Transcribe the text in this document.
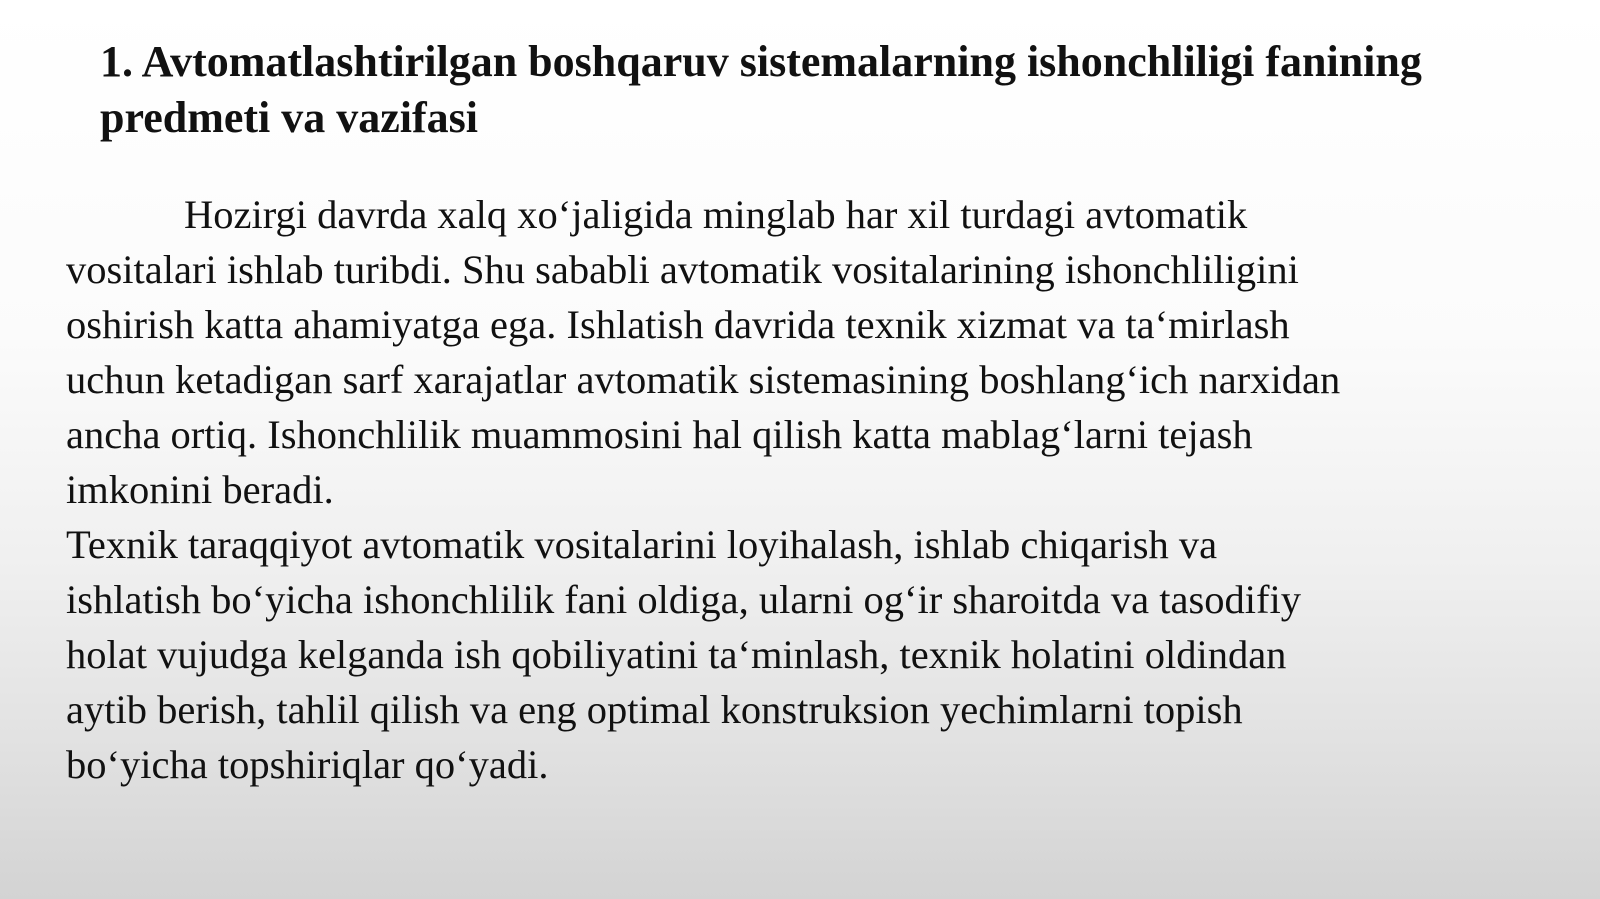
1. Avtomatlashtirilgan boshqaruv sistemalarning ishonchliligi fanining
predmeti va vazifasi
Hozirgi davrda xalq xo‘jaligida minglab har xil turdagi avtomatik
vositalari ishlab turibdi. Shu sababli avtomatik vositalarining ishonchliligini
oshirish katta ahamiyatga ega. Ishlatish davrida texnik xizmat va ta‘mirlash
uchun ketadigan sarf xarajatlar avtomatik sistemasining boshlang‘ich narxidan
ancha ortiq. Ishonchlilik muammosini hal qilish katta mablag‘larni tejash
imkonini beradi.
Texnik taraqqiyot avtomatik vositalarini loyihalash, ishlab chiqarish va
ishlatish bo‘yicha ishonchlilik fani oldiga, ularni og‘ir sharoitda va tasodifiy
holat vujudga kelganda ish qobiliyatini ta‘minlash, texnik holatini oldindan
aytib berish, tahlil qilish va eng optimal konstruksion yechimlarni topish
bo‘yicha topshiriqlar qo‘yadi.
